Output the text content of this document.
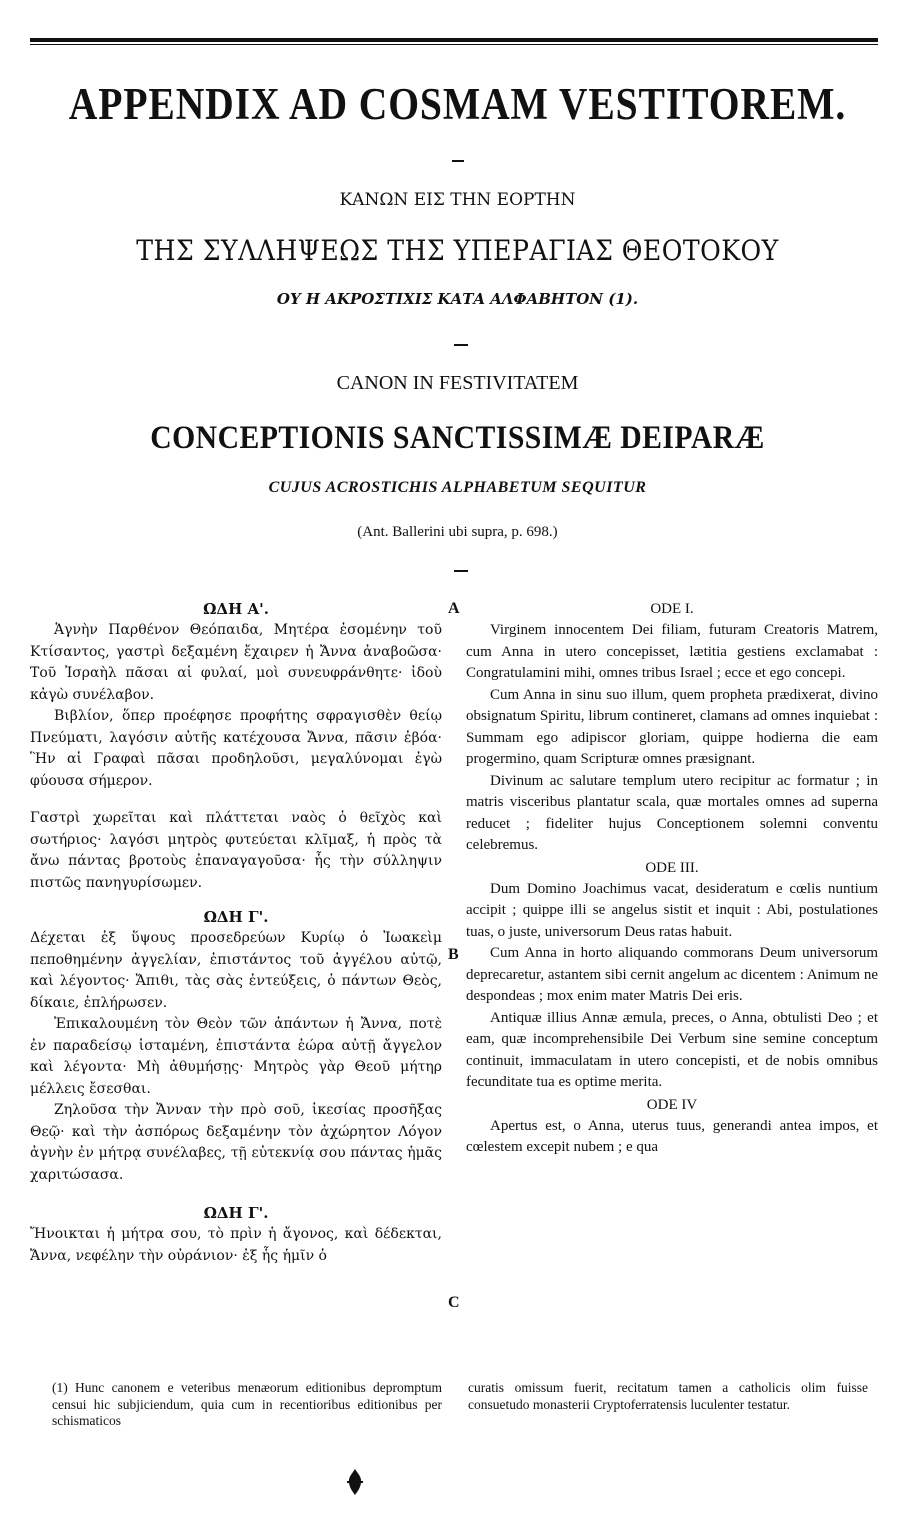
APPENDIX AD COSMAM VESTITOREM.
ΚΑΝΩΝ ΕΙΣ ΤΗΝ ΕΟΡΤΗΝ
ΤΗΣ ΣΥΛΛΗΨΕΩΣ ΤΗΣ ΥΠΕΡΑΓΙΑΣ ΘΕΟΤΟΚΟΥ
ΟΥ Η ΑΚΡΟΣΤΙΧΙΣ ΚΑΤΑ ΑΛΦΑΒΗΤΟΝ (1).
CANON IN FESTIVITATEM
CONCEPTIONIS SANCTISSIMÆ DEIPARÆ
CUJUS ACROSTICHIS ALPHABETUM SEQUITUR
(Ant. Ballerini ubi supra, p. 698.)
A
B
C
ΩΔΗ Α'.

Ἁγνὴν Παρθένον Θεόπαιδα, Μητέρα ἐσομένην τοῦ Κτίσαντος, γαστρὶ δεξαμένη ἔχαιρεν ἡ Ἄννα ἀναβοῶσα· Τοῦ Ἰσραὴλ πᾶσαι αἱ φυλαί, μοὶ συνευφράνθητε· ἰδοὺ κἀγὼ συνέλαβον.

Βιβλίον, ὅπερ προέφησε προφήτης σφραγισθὲν θείῳ Πνεύματι, λαγόσιν αὐτῆς κατέχουσα Ἄννα, πᾶσιν ἐβόα· Ἣν αἱ Γραφαὶ πᾶσαι προδηλοῦσι, μεγαλύνομαι ἐγὼ φύουσα σήμερον.

Γαστρὶ χωρεῖται καὶ πλάττεται ναὸς ὁ θεῖχὸς καὶ σωτήριος· λαγόσι μητρὸς φυτεύεται κλῖμαξ, ἡ πρὸς τὰ ἄνω πάντας βροτοὺς ἐπαναγαγοῦσα· ἧς τὴν σύλληψιν πιστῶς πανηγυρίσωμεν.

ΩΔΗ Γ'.

Δέχεται ἐξ ὕψους προσεδρεύων Κυρίῳ ὁ Ἰωακεὶμ πεποθημένην ἀγγελίαν, ἐπιστάντος τοῦ ἀγγέλου αὐτῷ, καὶ λέγοντος· Ἄπιθι, τὰς σὰς ἐντεύξεις, ὁ πάντων Θεὸς, δίκαιε, ἐπλήρωσεν.

Ἐπικαλουμένη τὸν Θεὸν τῶν ἁπάντων ἡ Ἄννα, ποτὲ ἐν παραδείσῳ ἱσταμένη, ἐπιστάντα ἑώρα αὐτῇ ἄγγελον καὶ λέγοντα· Μὴ ἀθυμήσῃς· Μητρὸς γὰρ Θεοῦ μήτηρ μέλλεις ἔσεσθαι.

Ζηλοῦσα τὴν Ἄνναν τὴν πρὸ σοῦ, ἱκεσίας προσῆξας Θεῷ· καὶ τὴν ἀσπόρως δεξαμένην τὸν ἀχώρητον Λόγον ἁγνὴν ἐν μήτρᾳ συνέλαβες, τῇ εὐτεκνίᾳ σου πάντας ἡμᾶς χαριτώσασα.

ΩΔΗ Γ'.

Ἤνοικται ἡ μήτρα σου, τὸ πρὶν ἡ ἄγονος, καὶ δέδεκται, Ἄννα, νεφέλην τὴν οὐράνιον· ἐξ ἧς ἡμῖν ὁ

ODE I.

Virginem innocentem Dei filiam, futuram Creatoris Matrem, cum Anna in utero concepisset, lætitia gestiens exclamabat : Congratulamini mihi, omnes tribus Israel ; ecce et ego concepi.

Cum Anna in sinu suo illum, quem propheta prædixerat, divino obsignatum Spiritu, librum contineret, clamans ad omnes inquiebat : Summam ego adipiscor gloriam, quippe hodierna die eam progermino, quam Scripturæ omnes præsignant.

Divinum ac salutare templum utero recipitur ac formatur ; in matris visceribus plantatur scala, quæ mortales omnes ad superna reducet ; fideliter hujus Conceptionem solemni conventu celebremus.

ODE III.

Dum Domino Joachimus vacat, desideratum e cœlis nuntium accipit ; quippe illi se angelus sistit et inquit : Abi, postulationes tuas, o juste, universorum Deus ratas habuit.

Cum Anna in horto aliquando commorans Deum universorum deprecaretur, astantem sibi cernit angelum ac dicentem : Animum ne despondeas ; mox enim mater Matris Dei eris.

Antiquæ illius Annæ æmula, preces, o Anna, obtulisti Deo ; et eam, quæ incomprehensibile Dei Verbum sine semine conceptum continuit, immaculatam in utero concepisti, et de nobis omnibus fecunditate tua es optime merita.

ODE IV

Apertus est, o Anna, uterus tuus, generandi antea impos, et cœlestem excepit nubem ; e qua

(1) Hunc canonem e veteribus menæorum editionibus depromptum censui hic subjiciendum, quia cum in recentioribus editionibus per schismaticos
curatis omissum fuerit, recitatum tamen a catholicis olim fuisse consuetudo monasterii Cryptoferratensis luculenter testatur.
